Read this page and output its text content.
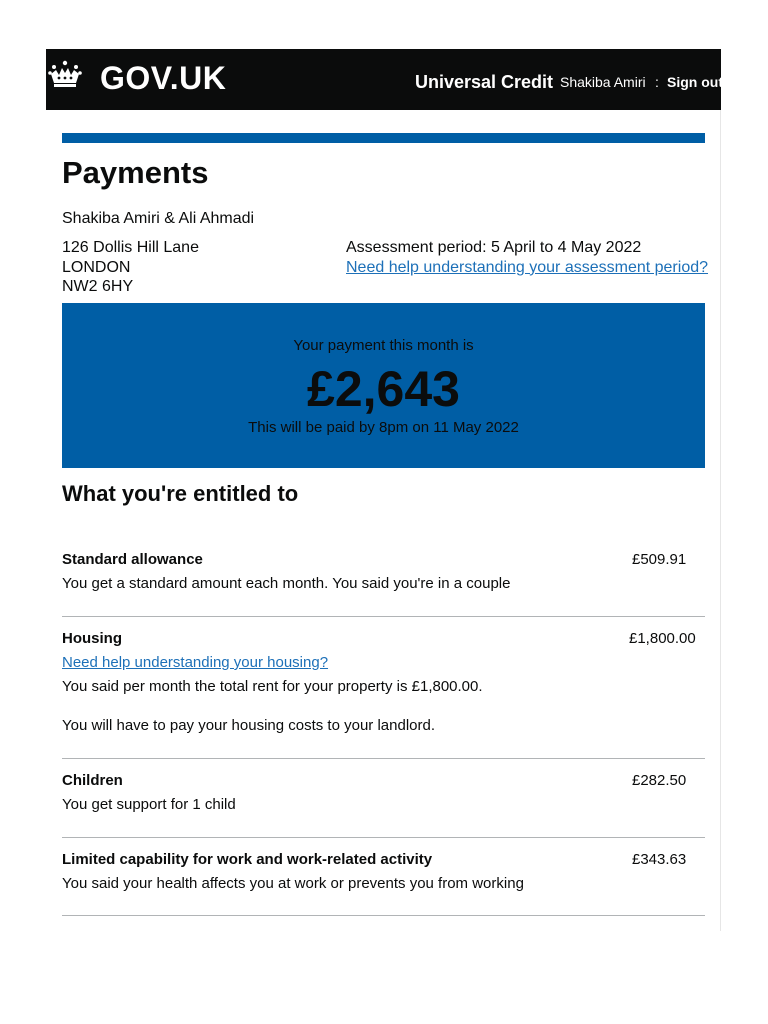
GOV.UK	Universal Credit Shakiba Amiri : Sign out
Payments
Shakiba Amiri & Ali Ahmadi
126 Dollis Hill Lane
LONDON
NW2 6HY
Assessment period: 5 April to 4 May 2022
Need help understanding your assessment period?
Your payment this month is
£2,643
This will be paid by 8pm on 11 May 2022
What you're entitled to
Standard allowance	£509.91
You get a standard amount each month. You said you're in a couple
Housing	£1,800.00
Need help understanding your housing?
You said per month the total rent for your property is £1,800.00.
You will have to pay your housing costs to your landlord.
Children	£282.50
You get support for 1 child
Limited capability for work and work-related activity	£343.63
You said your health affects you at work or prevents you from working
